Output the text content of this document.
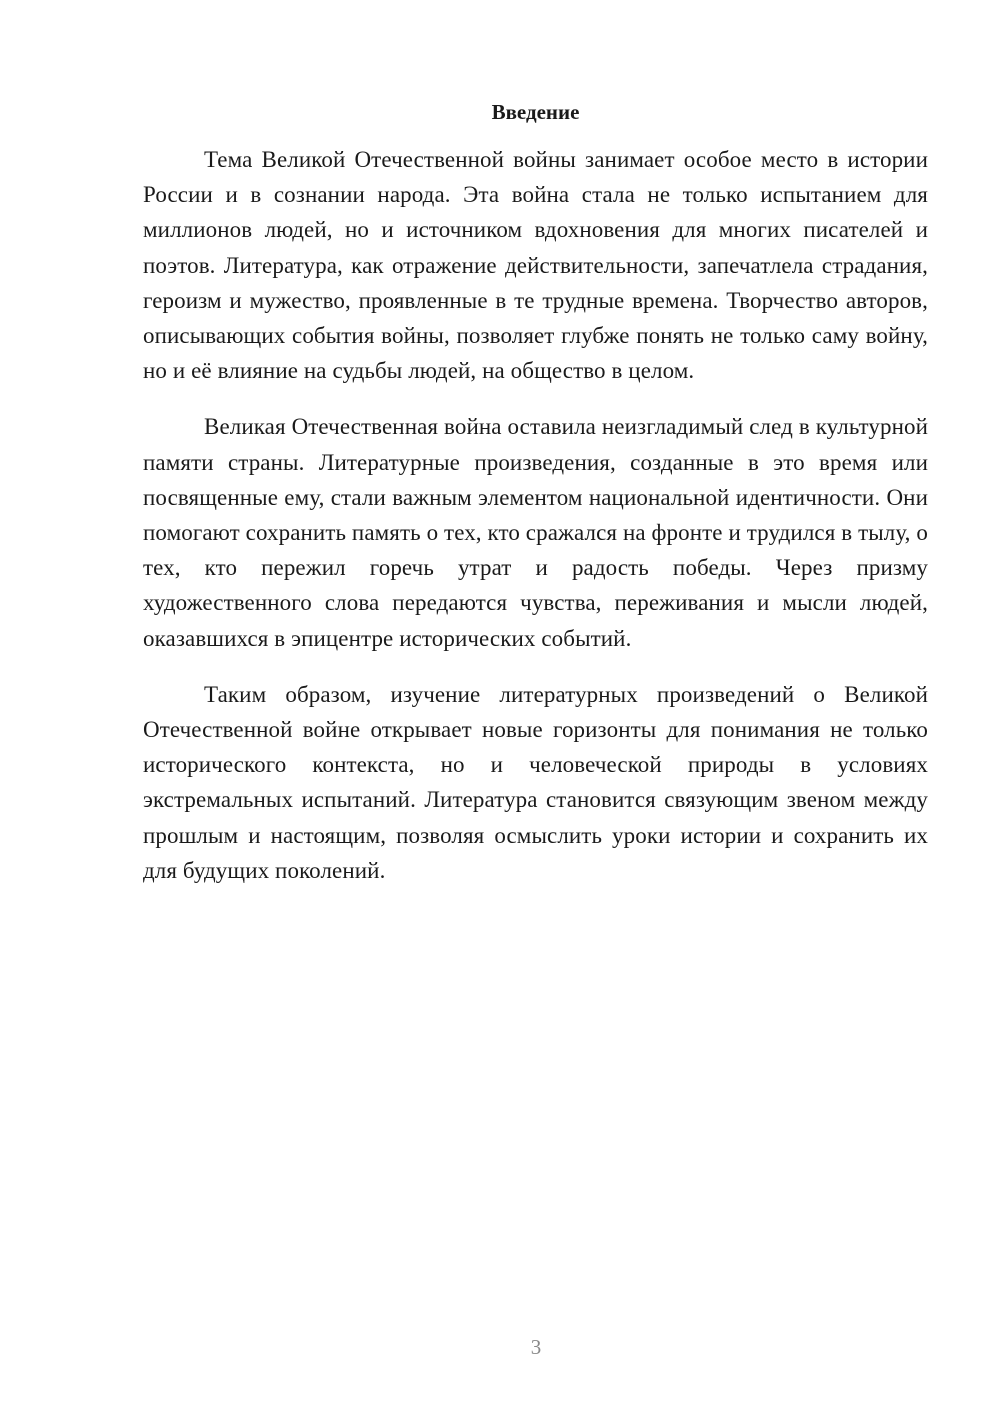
Введение

Тема Великой Отечественной войны занимает особое место в истории России и в сознании народа. Эта война стала не только испытанием для миллионов людей, но и источником вдохновения для многих писателей и поэтов. Литература, как отражение действительности, запечатлела страдания, героизм и мужество, проявленные в те трудные времена. Творчество авторов, описывающих события войны, позволяет глубже понять не только саму войну, но и её влияние на судьбы людей, на общество в целом.

Великая Отечественная война оставила неизгладимый след в культурной памяти страны. Литературные произведения, созданные в это время или посвященные ему, стали важным элементом национальной идентичности. Они помогают сохранить память о тех, кто сражался на фронте и трудился в тылу, о тех, кто пережил горечь утрат и радость победы. Через призму художественного слова передаются чувства, переживания и мысли людей, оказавшихся в эпицентре исторических событий.

Таким образом, изучение литературных произведений о Великой Отечественной войне открывает новые горизонты для понимания не только исторического контекста, но и человеческой природы в условиях экстремальных испытаний. Литература становится связующим звеном между прошлым и настоящим, позволяя осмыслить уроки истории и сохранить их для будущих поколений.

3
